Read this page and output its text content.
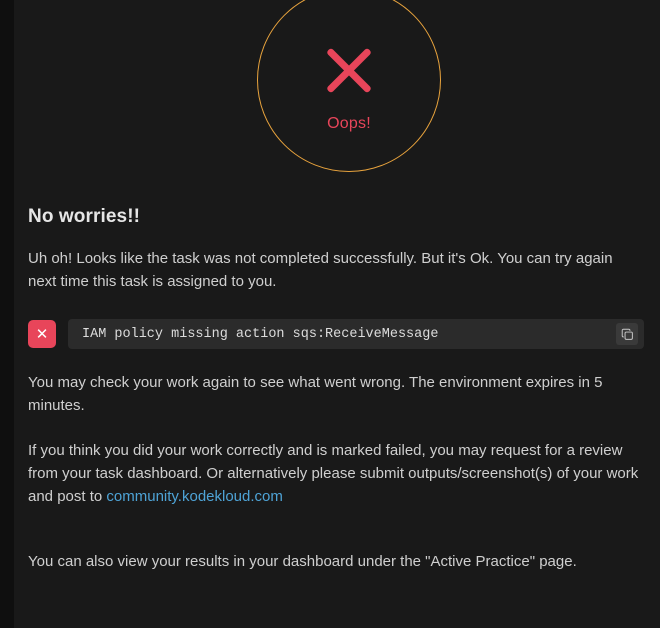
Oops!
No worries!!

Uh oh! Looks like the task was not completed successfully. But it's Ok. You can try again next time this task is assigned to you.

✕	IAM policy missing action sqs:ReceiveMessage

You may check your work again to see what went wrong. The environment expires in 5 minutes.

If you think you did your work correctly and is marked failed, you may request for a review from your task dashboard. Or alternatively please submit outputs/screenshot(s) of your work and post to community.kodekloud.com

You can also view your results in your dashboard under the "Active Practice" page.
